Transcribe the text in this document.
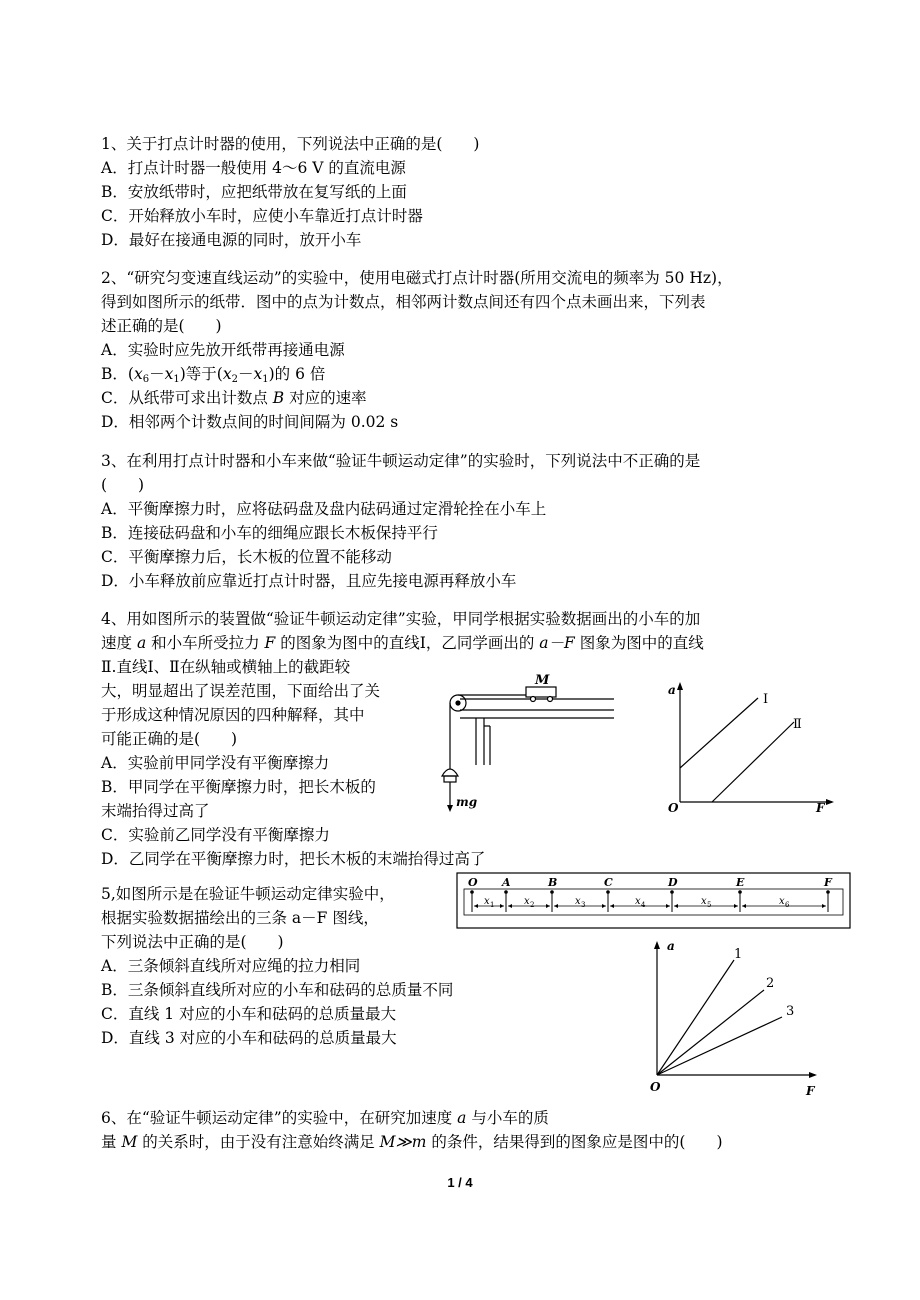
1、关于打点计时器的使用，下列说法中正确的是(　　)
A．打点计时器一般使用 4～6 V 的直流电源
B．安放纸带时，应把纸带放在复写纸的上面
C．开始释放小车时，应使小车靠近打点计时器
D．最好在接通电源的同时，放开小车
2、“研究匀变速直线运动”的实验中，使用电磁式打点计时器(所用交流电的频率为 50 Hz)，
得到如图所示的纸带．图中的点为计数点，相邻两计数点间还有四个点未画出来，下列表
述正确的是(　　)
A．实验时应先放开纸带再接通电源
B．$(x_6-x_1)$等于$(x_2-x_1)$的 6 倍
C．从纸带可求出计数点 B 对应的速率
D．相邻两个计数点间的时间间隔为 0.02 s
3、在利用打点计时器和小车来做“验证牛顿运动定律”的实验时，下列说法中不正确的是
(　　)
A．平衡摩擦力时，应将砝码盘及盘内砝码通过定滑轮拴在小车上
B．连接砝码盘和小车的细绳应跟长木板保持平行
C．平衡摩擦力后，长木板的位置不能移动
D．小车释放前应靠近打点计时器，且应先接电源再释放小车
4、用如图所示的装置做“验证牛顿运动定律”实验，甲同学根据实验数据画出的小车的加
速度 a 和小车所受拉力 F 的图象为图中的直线Ⅰ，乙同学画出的 a－F 图象为图中的直线
Ⅱ.直线Ⅰ、Ⅱ在纵轴或横轴上的截距较
大，明显超出了误差范围，下面给出了关
于形成这种情况原因的四种解释，其中
可能正确的是(　　)
A．实验前甲同学没有平衡摩擦力
B．甲同学在平衡摩擦力时，把长木板的
末端抬得过高了
C．实验前乙同学没有平衡摩擦力
D．乙同学在平衡摩擦力时，把长木板的末端抬得过高了
M
mg
a
O	F
Ⅰ
Ⅱ
5,如图所示是在验证牛顿运动定律实验中，
根据实验数据描绘出的三条 a－F 图线，
下列说法中正确的是(　　)
A．三条倾斜直线所对应绳的拉力相同
B．三条倾斜直线所对应的小车和砝码的总质量不同
C．直线 1 对应的小车和砝码的总质量最大
D．直线 3 对应的小车和砝码的总质量最大
O A	B	C	D	E	F
x 1	x 2	x 3	x 4	x 5	x 6
a
O	F
1
2
3
6、在“验证牛顿运动定律”的实验中，在研究加速度 a 与小车的质
量 M 的关系时，由于没有注意始终满足 M≫m 的条件，结果得到的图象应是图中的(　　)
1 / 4
